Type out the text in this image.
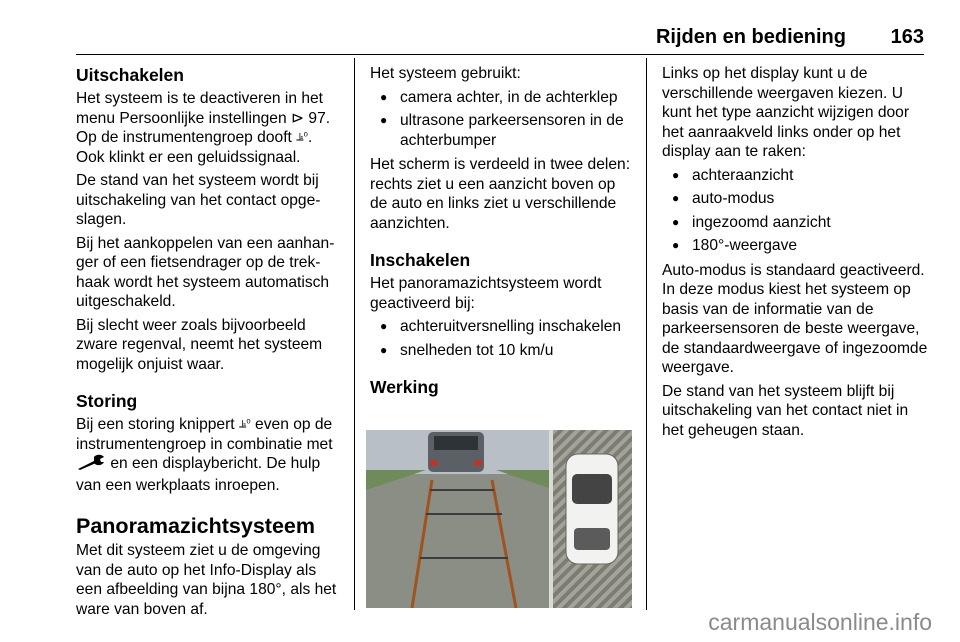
Rijden en bediening 163
Uitschakelen

Het systeem is te deactiveren in het menu Persoonlijke instellingen ⊳ 97. Op de instrumentengroep dooft ⫡⁰. Ook klinkt er een geluidssignaal.

De stand van het systeem wordt bij uitschakeling van het contact opgeslagen.

Bij het aankoppelen van een aanhanger of een fietsendrager op de trekhaak wordt het systeem automatisch uitgeschakeld.

Bij slecht weer zoals bijvoorbeeld zware regenval, neemt het systeem mogelijk onjuist waar.

Storing

Bij een storing knippert ⫡⁰ even op de instrumentengroep in combinatie met  en een displaybericht. De hulp van een werkplaats inroepen.

Panoramazichtsysteem

Met dit systeem ziet u de omgeving van de auto op het Info-Display als een afbeelding van bijna 180°, als het ware van boven af.

Het systeem gebruikt:

● camera achter, in de achterklep
● ultrasone parkeersensoren in de achterbumper

Het scherm is verdeeld in twee delen: rechts ziet u een aanzicht boven op de auto en links ziet u verschillende aanzichten.

Inschakelen

Het panoramazichtsysteem wordt geactiveerd bij:

● achteruitversnelling inschakelen
● snelheden tot 10 km/u
Werking

Links op het display kunt u de verschillende weergaven kiezen. U kunt het type aanzicht wijzigen door het aanraakveld links onder op het display aan te raken:

● achteraanzicht
● auto-modus
● ingezoomd aanzicht
● 180°-weergave

Auto-modus is standaard geactiveerd. In deze modus kiest het systeem op basis van de informatie van de parkeersensoren de beste weergave, de standaardweergave of ingezoomde weergave.

De stand van het systeem blijft bij uitschakeling van het contact niet in het geheugen staan.

carmanualsonline.info
